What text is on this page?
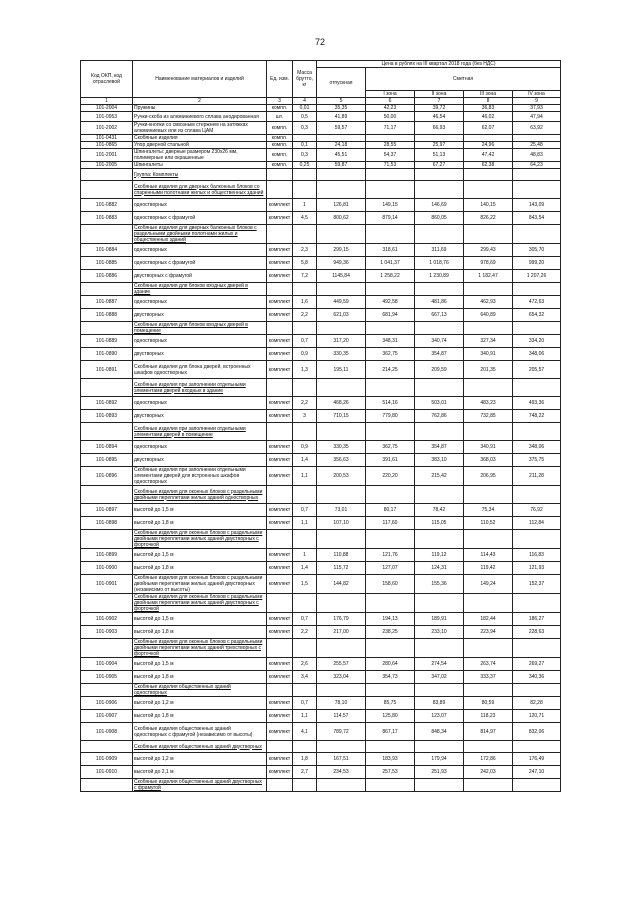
72
Код ОКП, код отраслевой	Наименование материалов и изделий	Ед. изм.	Масса брутто, кг	Цена в рублях на III квартал 2018 года (без НДС)				
				отпускная	Сметная			
					I зона	II зона	III зона	IV зона
1	2	3	4	5	6	7	8	9
101-2004	Пружины	компл.	0,01	35,35	42,23	39,72	36,83	37,93
101-0953	Ручки-скоба из алюминиевого сплава анодированная	шт.	0,5	41,89	50,00	46,54	46,02	47,94
101-2002	Ручки-кнопки со сквозным стержнем на затяжках алюминиевых или из сплава ЦАМ	компл.	0,3	59,57	71,17	66,93	62,07	63,92
101-0431	Скобяные изделия	компл.						
101-0865	Упор дверной стальной	компл.	0,1	24,18	28,55	25,97	24,96	25,48
101-2001	Шпингалеты: дверные размером 230х26 мм, полимерные или окрашенные	компл.	0,3	45,51	54,37	51,13	47,42	48,83
101-2005	Шпингалеты	компл.	0,25	59,87	71,53	67,27	62,38	64,23
	Группа: Комплекты							
	Скобяные изделия для дверных балконных блоков со спаренными полотнами жилых и общественных зданий							
101-0882	одностворных	комплект	1	126,81	149,15	146,69	140,15	143,09
101-0883	одностворных с фрамугой	комплект	4,5	800,62	879,14	860,05	826,22	843,54
	Скобяные изделия для дверных балконных блоков с раздельными двойными полотнами жилых и общественных зданий							
101-0884	одностворных	комплект	2,3	299,15	318,61	311,69	299,43	305,70
101-0885	одностворных с фрамугой	комплект	5,8	949,36	1 041,37	1 018,76	978,69	999,20
101-0886	двустворных с фрамугой	комплект	7,2	1145,84	1 258,22	1 230,89	1 182,47	1 207,26
	Скобяные изделия для блоков входных дверей в здание							
101-0887	одностворных	комплект	1,6	449,59	492,58	481,86	462,93	472,63
101-0888	двустворных	комплект	2,2	621,03	681,94	667,13	640,89	654,32
	Скобяные изделия для блоков входных дверей в помещение							
101-0889	одностворных	комплект	0,7	317,20	348,31	340,74	327,34	334,20
101-0890	двустворных	комплект	0,9	330,35	362,75	354,87	340,91	348,06
101-0891	Скобяные изделия для блока дверей, встроенных шкафов одностворных	комплект	1,3	195,11	214,25	209,59	201,35	205,57
	Скобяные изделия при заполнении отдельными элементами дверей входных в здание							
101-0892	одностворных	комплект	2,2	468,26	514,16	503,01	483,23	493,36
101-0893	двустворных	комплект	3	710,15	779,80	762,86	732,85	748,22
	Скобяные изделия при заполнении отдельными элементами дверей в помещение							
101-0894	одностворных	комплект	0,9	330,35	362,75	354,87	340,91	348,06
101-0895	двустворных	комплект	1,4	356,63	391,61	383,10	368,03	375,75
101-0896	Скобяные изделия при заполнении отдельными элементами дверей для встроенных шкафов одностворных	комплект	1,1	200,53	220,20	215,42	206,95	211,28
	Скобяные изделия для оконных блоков с раздельными двойными переплетами жилых зданий одностворных							
101-0897	высотой до 1,5 м	комплект	0,7	73,01	80,17	78,42	75,34	76,92
101-0898	высотой до 1,8 м	комплект	1,1	107,10	117,60	115,05	110,52	112,84
	Скобяные изделия для оконных блоков с раздельными двойными переплетами жилых зданий двустворных с форточкой							
101-0899	высотой до 1,5 м	комплект	1	110,88	121,76	119,12	114,43	116,83
101-0900	высотой до 1,8 м	комплект	1,4	115,72	127,07	124,31	119,42	121,93
101-0901	Скобяные изделия для оконных блоков с раздельными двойными переплетами жилых зданий двустворных (независимо от высоты)	комплект	1,5	144,82	158,60	155,36	149,24	152,37
	Скобяные изделия для оконных блоков с раздельными двойными переплетами жилых зданий двустворных с форточкой							
101-0902	высотой до 1,5 м	комплект	0,7	176,79	194,13	189,91	182,44	186,27
101-0903	высотой до 1,8 м	комплект	2,2	217,00	238,25	233,10	223,94	228,63
	Скобяные изделия для оконных блоков с раздельными двойными переплетами жилых зданий трехстворных с форточкой							
101-0904	высотой до 1,5 м	комплект	2,6	255,57	280,64	274,54	263,74	269,27
101-0905	высотой до 1,8 м	комплект	3,4	323,04	354,73	347,02	333,37	340,36
	Скобяные изделия общественных зданий одностворных							
101-0906	высотой до 1,2 м	комплект	0,7	78,10	85,75	83,89	80,59	82,28
101-0907	высотой до 1,8 м	комплект	1,1	114,57	125,80	123,07	118,23	120,71
101-0908	Скобяные изделия общественных зданий одностворных с фрамугой (независимо от высоты)	комплект	4,1	789,72	867,17	848,34	814,97	832,06
	Скобяные изделия общественных зданий двустворных							
101-0909	высотой до 1,2 м	комплект	1,8	167,51	183,93	179,94	172,86	176,49
101-0910	высотой до 2,1 м	комплект	2,7	234,53	257,53	251,93	242,03	247,10
	Скобяные изделия общественных зданий двустворных с фрамугой							
